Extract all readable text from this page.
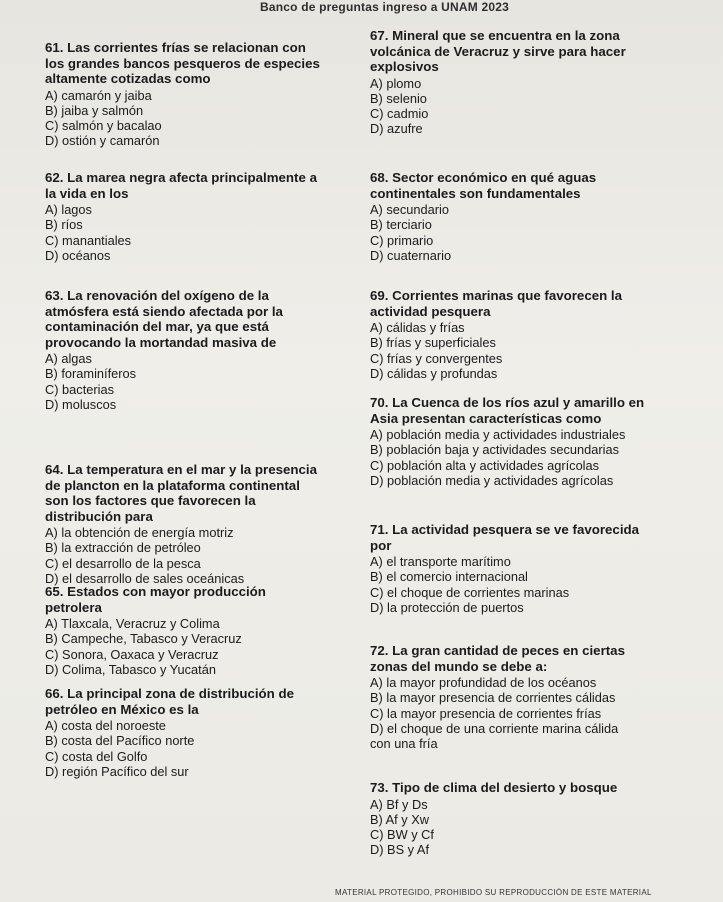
Banco de preguntas ingreso a UNAM 2023
61. Las corrientes frías se relacionan con
los grandes bancos pesqueros de especies
altamente cotizadas como
A) camarón y jaiba
B) jaiba y salmón
C) salmón y bacalao
D) ostión y camarón
62. La marea negra afecta principalmente a
la vida en los
A) lagos
B) ríos
C) manantiales
D) océanos
63. La renovación del oxígeno de la
atmósfera está siendo afectada por la
contaminación del mar, ya que está
provocando la mortandad masiva de
A) algas
B) foraminíferos
C) bacterias
D) moluscos
64. La temperatura en el mar y la presencia
de plancton en la plataforma continental
son los factores que favorecen la
distribución para
A) la obtención de energía motriz
B) la extracción de petróleo
C) el desarrollo de la pesca
D) el desarrollo de sales oceánicas
65. Estados con mayor producción
petrolera
A) Tlaxcala, Veracruz y Colima
B) Campeche, Tabasco y Veracruz
C) Sonora, Oaxaca y Veracruz
D) Colima, Tabasco y Yucatán
66. La principal zona de distribución de
petróleo en México es la
A) costa del noroeste
B) costa del Pacífico norte
C) costa del Golfo
D) región Pacífico del sur
67. Mineral que se encuentra en la zona
volcánica de Veracruz y sirve para hacer
explosivos
A) plomo
B) selenio
C) cadmio
D) azufre
68. Sector económico en qué aguas
continentales son fundamentales
A) secundario
B) terciario
C) primario
D) cuaternario
69. Corrientes marinas que favorecen la
actividad pesquera
A) cálidas y frías
B) frías y superficiales
C) frías y convergentes
D) cálidas y profundas
70. La Cuenca de los ríos azul y amarillo en
Asia presentan características como
A) población media y actividades industriales
B) población baja y actividades secundarias
C) población alta y actividades agrícolas
D) población media y actividades agrícolas
71. La actividad pesquera se ve favorecida
por
A) el transporte marítimo
B) el comercio internacional
C) el choque de corrientes marinas
D) la protección de puertos
72. La gran cantidad de peces en ciertas
zonas del mundo se debe a:
A) la mayor profundidad de los océanos
B) la mayor presencia de corrientes cálidas
C) la mayor presencia de corrientes frías
D) el choque de una corriente marina cálida
con una fría
73. Tipo de clima del desierto y bosque
A) Bf y Ds
B) Af y Xw
C) BW y Cf
D) BS y Af
MATERIAL PROTEGIDO, PROHIBIDO SU REPRODUCCIÓN DE ESTE MATERIAL
